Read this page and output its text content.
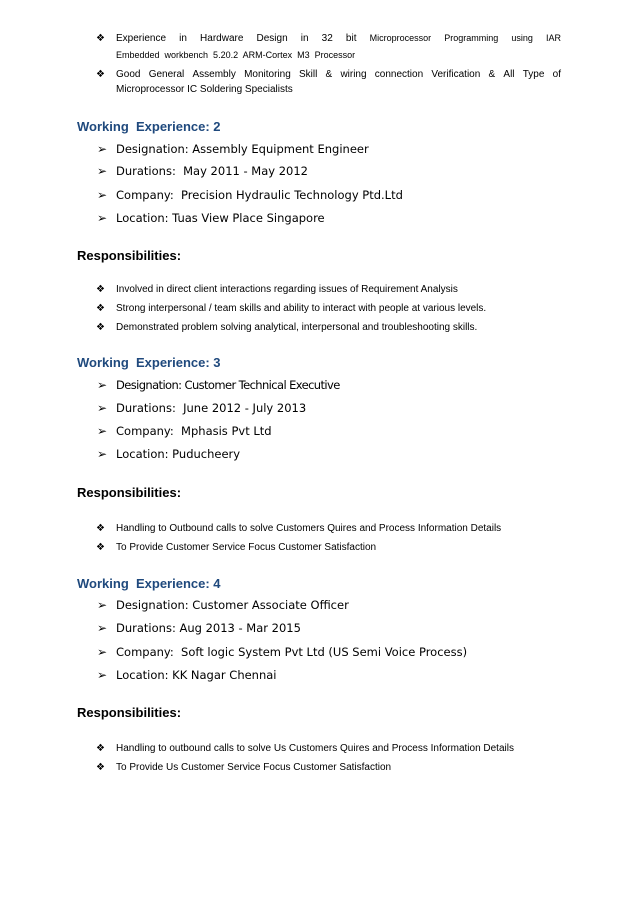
❖	Experience in Hardware Design in 32 bit Microprocessor Programming using IAR
Embedded  workbench  5.20.2  ARM-Cortex  M3  Processor
❖	Good General Assembly Monitoring Skill & wiring connection Verification & All Type of
Microprocessor IC Soldering Specialists
Working  Experience: 2
➢ Designation: Assembly Equipment Engineer
➢ Durations:  May 2011 - May 2012
➢ Company:  Precision Hydraulic Technology Ptd.Ltd
➢ Location: Tuas View Place Singapore
Responsibilities:
❖	Involved in direct client interactions regarding issues of Requirement Analysis
❖	Strong interpersonal / team skills and ability to interact with people at various levels.
❖	Demonstrated problem solving analytical, interpersonal and troubleshooting skills.
Working  Experience: 3
➢ Designation: Customer Technical Executive
➢ Durations:  June 2012 - July 2013
➢ Company:  Mphasis Pvt Ltd
➢ Location: Puducheery
Responsibilities:
❖	Handling to Outbound calls to solve Customers Quires and Process Information Details
❖	To Provide Customer Service Focus Customer Satisfaction
Working  Experience: 4
➢ Designation: Customer Associate Officer
➢ Durations: Aug 2013 - Mar 2015
➢ Company:  Soft logic System Pvt Ltd (US Semi Voice Process)
➢ Location: KK Nagar Chennai
Responsibilities:
❖	Handling to outbound calls to solve Us Customers Quires and Process Information Details
❖	To Provide Us Customer Service Focus Customer Satisfaction
